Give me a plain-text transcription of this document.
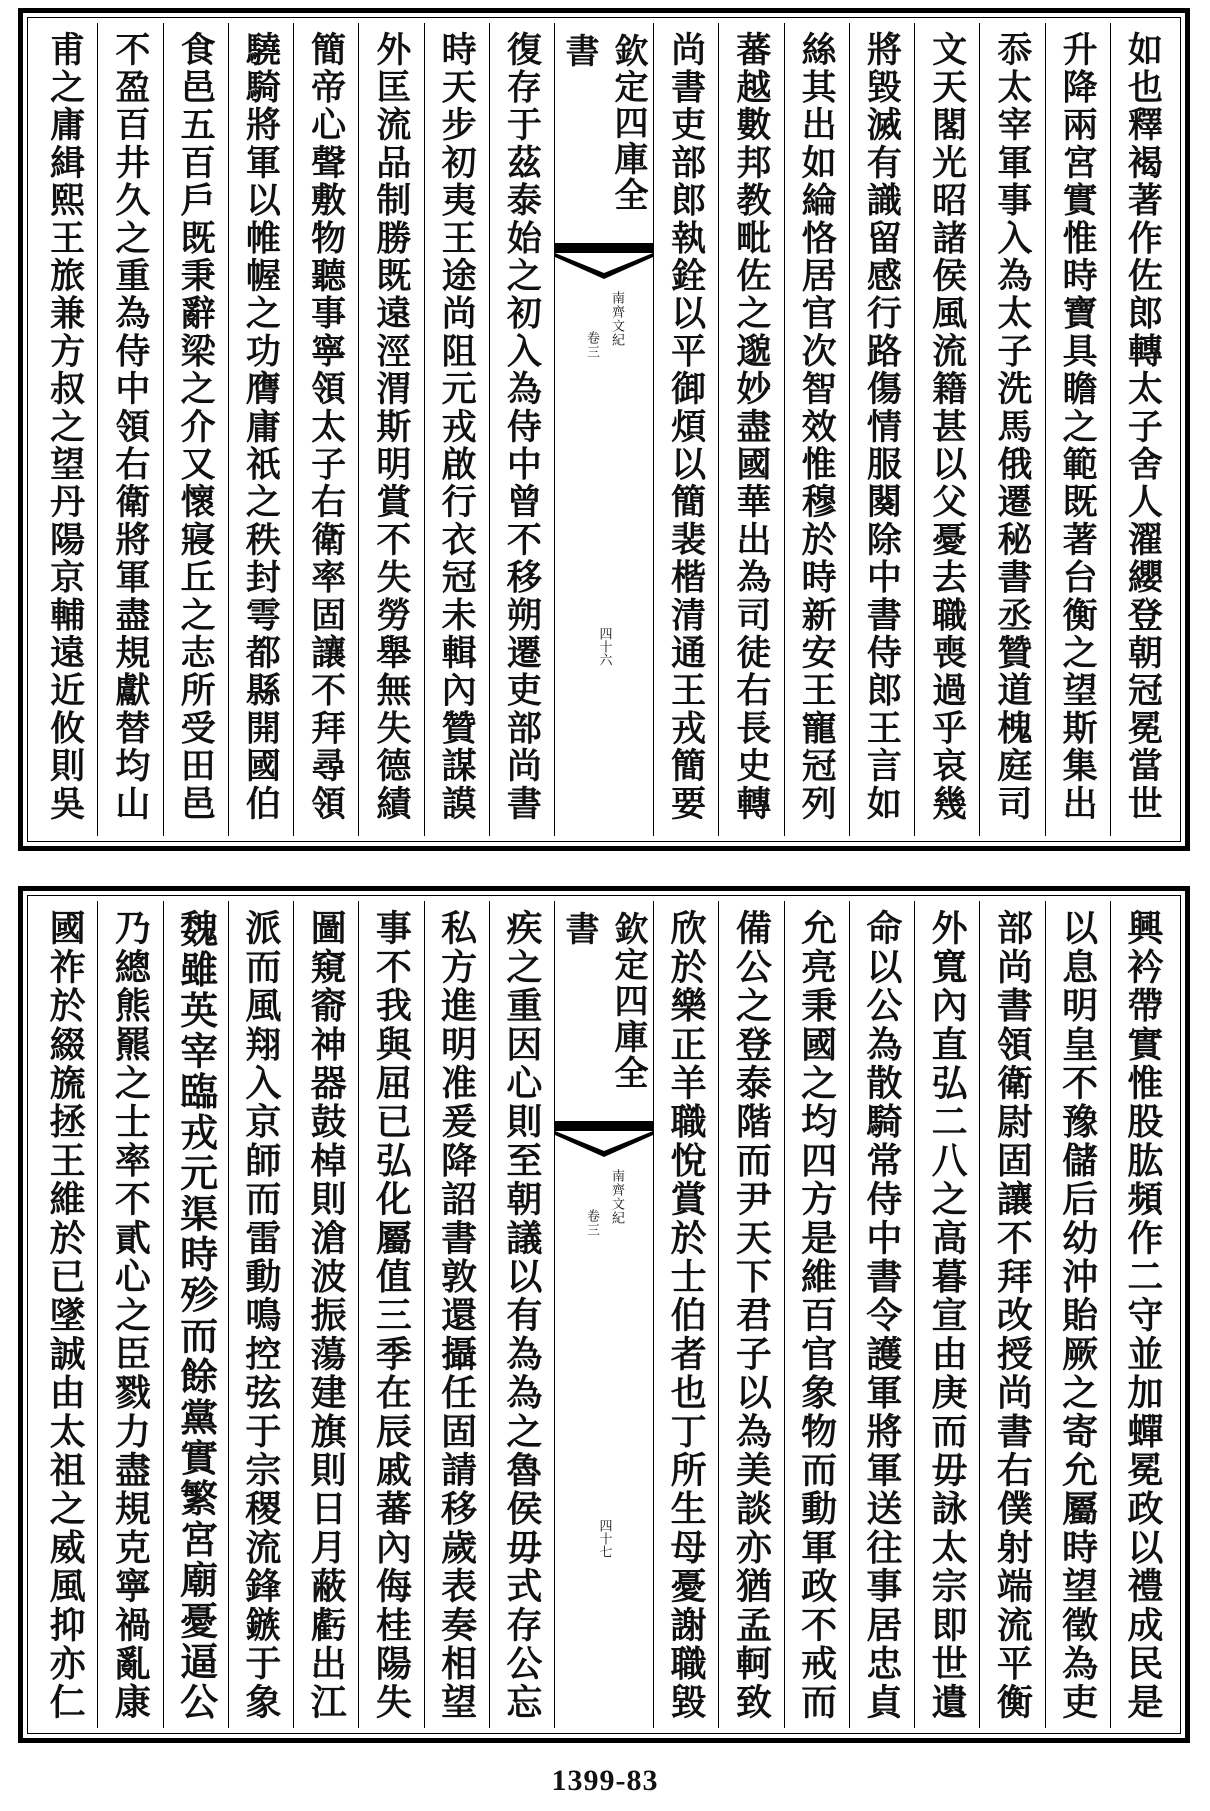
如也釋褐著作佐郎轉太子舍人濯纓登朝冠冕當世
升降兩宮實惟時寶具瞻之範既著台衡之望斯集出
忝太宰軍事入為太子洗馬俄遷秘書丞贊道槐庭司
文天閣光昭諸侯風流籍甚以父憂去職喪過乎哀幾
將毀滅有識留感行路傷情服闋除中書侍郎王言如
絲其出如綸恪居官次智效惟穆於時新安王寵冠列
蕃越數邦教毗佐之邈妙盡國華出為司徒右長史轉
尚書吏部郎執銓以平御煩以簡裴楷清通王戎簡要
欽定四庫全書
南齊文紀
卷三
四十六
復存于茲泰始之初入為侍中曾不移朔遷吏部尚書
時天步初夷王途尚阻元戎啟行衣冠未輯內贊謀謨
外匡流品制勝既遠涇渭斯明賞不失勞舉無失德績
簡帝心聲敷物聽事寧領太子右衛率固讓不拜尋領
驍騎將軍以帷幄之功膺庸祇之秩封雩都縣開國伯
食邑五百戶既秉辭梁之介又懷寢丘之志所受田邑
不盈百井久之重為侍中領右衛將軍盡規獻替均山
甫之庸緝熙王旅兼方叔之望丹陽京輔遠近攸則吳
興衿帶實惟股肱頻作二守並加蟬冕政以禮成民是
以息明皇不豫儲后幼沖貽厥之寄允屬時望徵為吏
部尚書領衛尉固讓不拜改授尚書右僕射端流平衡
外寬內直弘二八之高暮宣由庚而毋詠太宗即世遺
命以公為散騎常侍中書令護軍將軍送往事居忠貞
允亮秉國之均四方是維百官象物而動軍政不戒而
備公之登泰階而尹天下君子以為美談亦猶孟軻致
欣於樂正羊職悅賞於士伯者也丁所生母憂謝職毀
欽定四庫全書
南齊文紀
卷三
四十七
疾之重因心則至朝議以有為為之魯侯毋式存公忘
私方進明准爰降詔書敦還攝任固請移歲表奏相望
事不我與屈已弘化屬值三季在辰戚蕃內侮桂陽失
圖窺窬神器鼓棹則滄波振蕩建旗則日月蔽虧出江
派而風翔入京師而雷動鳴控弦于宗稷流鋒鏃于象
魏雖英宰臨戎元渠時殄而餘黨實繁宮廟憂逼公
乃總熊羆之士率不貳心之臣戮力盡規克寧禍亂康
國祚於綴旒拯王維於已墜誠由太祖之威風抑亦仁
1399-83
